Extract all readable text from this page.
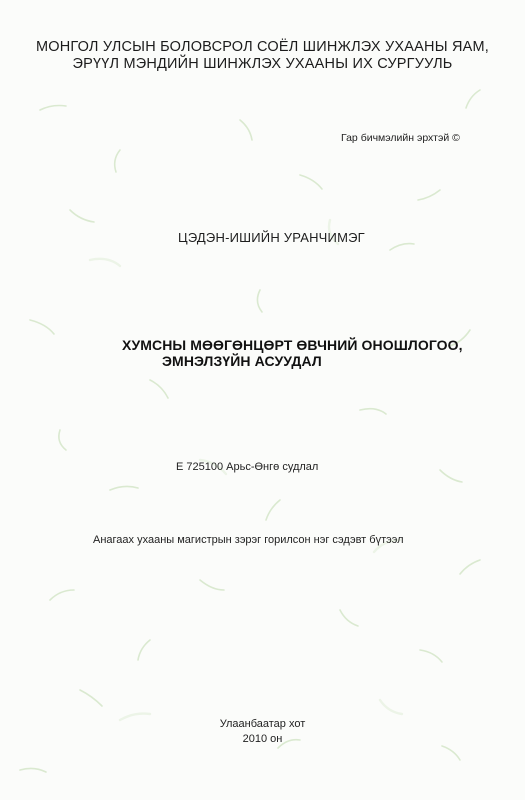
МОНГОЛ УЛСЫН БОЛОВСРОЛ СОЁЛ ШИНЖЛЭХ УХААНЫ ЯАМ,
ЭРҮҮЛ МЭНДИЙН ШИНЖЛЭХ УХААНЫ ИХ СУРГУУЛЬ

Гар бичмэлийн эрхтэй ©

ЦЭДЭН-ИШИЙН УРАНЧИМЭГ

ХУМСНЫ МӨӨГӨНЦӨРТ ӨВЧНИЙ ОНОШЛОГОО,
ЭМНЭЛЗҮЙН АСУУДАЛ

Е 725100 Арьс-Өнгө судлал

Анагаах ухааны магистрын зэрэг горилсон нэг сэдэвт бүтээл

Улаанбаатар хот

2010 он
